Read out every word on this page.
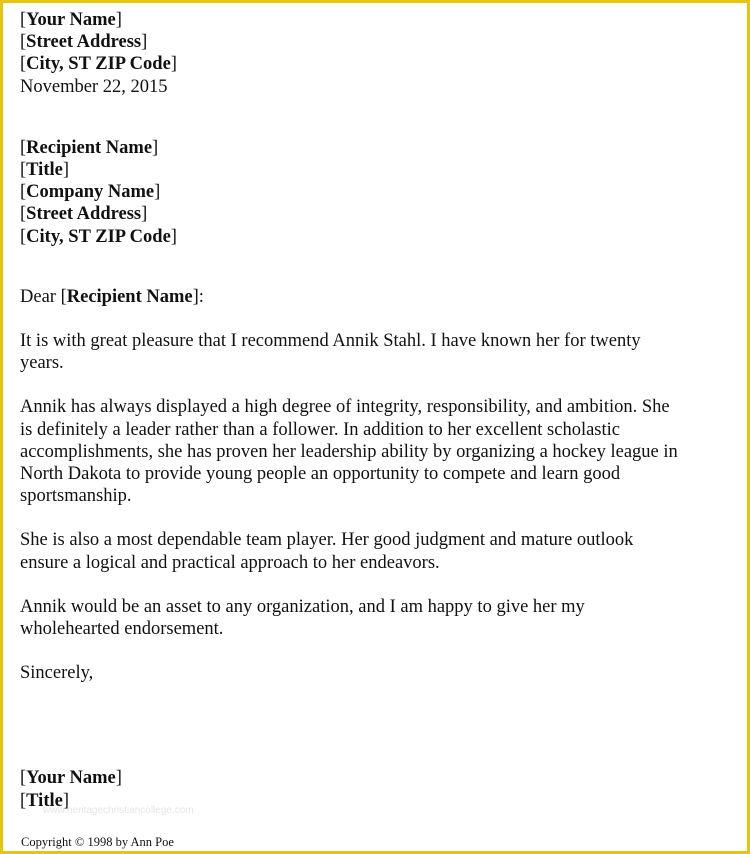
[Your Name]
[Street Address]
[City, ST ZIP Code]
November 22, 2015
[Recipient Name]
[Title]
[Company Name]
[Street Address]
[City, ST ZIP Code]

Dear [Recipient Name]:

It is with great pleasure that I recommend Annik Stahl. I have known her for twenty
years.

Annik has always displayed a high degree of integrity, responsibility, and ambition. She
is definitely a leader rather than a follower. In addition to her excellent scholastic
accomplishments, she has proven her leadership ability by organizing a hockey league in
North Dakota to provide young people an opportunity to compete and learn good
sportsmanship.

She is also a most dependable team player. Her good judgment and mature outlook
ensure a logical and practical approach to her endeavors.

Annik would be an asset to any organization, and I am happy to give her my
wholehearted endorsement.

Sincerely,
[Your Name]
[Title]
www.heritagechristiancollege.com
Copyright © 1998 by Ann Poe
